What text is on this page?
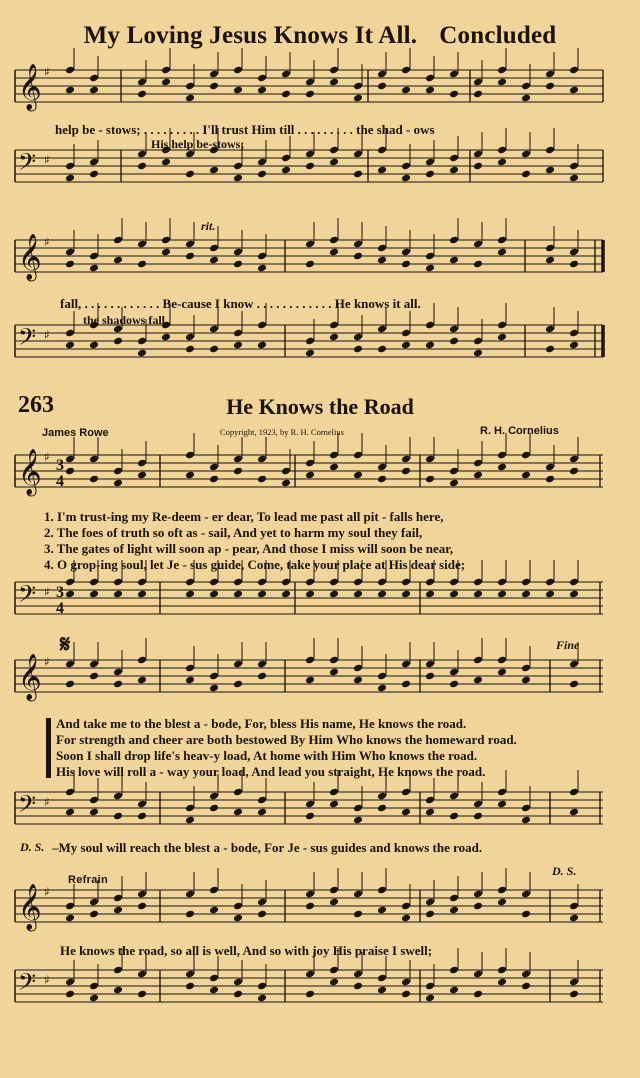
𝄞 ♯
𝄢 ♯
𝄞 ♯
𝄢 ♯
𝄞 ♯
𝄢 ♯
𝄞 ♯
𝄢 ♯
𝄞 ♯
𝄢 ♯
3
4
3
4
My Loving Jesus Knows It All. Concluded
help be - stows; . . . . . . . . . I'll trust Him till . . . . . . . . . the shad - ows
His help be-stows;
rit.
fall, . . . . . . . . . . . . Be-cause I know . . . . . . . . . . . . He knows it all.
the shadows fall,
263	He Knows the Road
James Rowe	Copyright, 1923, by R. H. Cornelius	R. H. Cornelius
1. I'm trust-ing my Re-deem - er dear, To lead me past all pit - falls here,
2. The foes of truth so oft as - sail, And yet to harm my soul they fail,
3. The gates of light will soon ap - pear, And those I miss will soon be near,
4. O grop-ing soul, let Je - sus guide, Come, take your place at His dear side;
𝄋	Fine
And take me to the blest a - bode, For, bless His name, He knows the road.
For strength and cheer are both bestowed By Him Who knows the homeward road.
Soon I shall drop life's heav-y load, At home with Him Who knows the road.
His love will roll a - way your load, And lead you straight, He knows the road.
D. S. –My soul will reach the blest a - bode, For Je - sus guides and knows the road.
D. S.
Refrain
He knows the road, so all is well, And so with joy His praise I swell;
